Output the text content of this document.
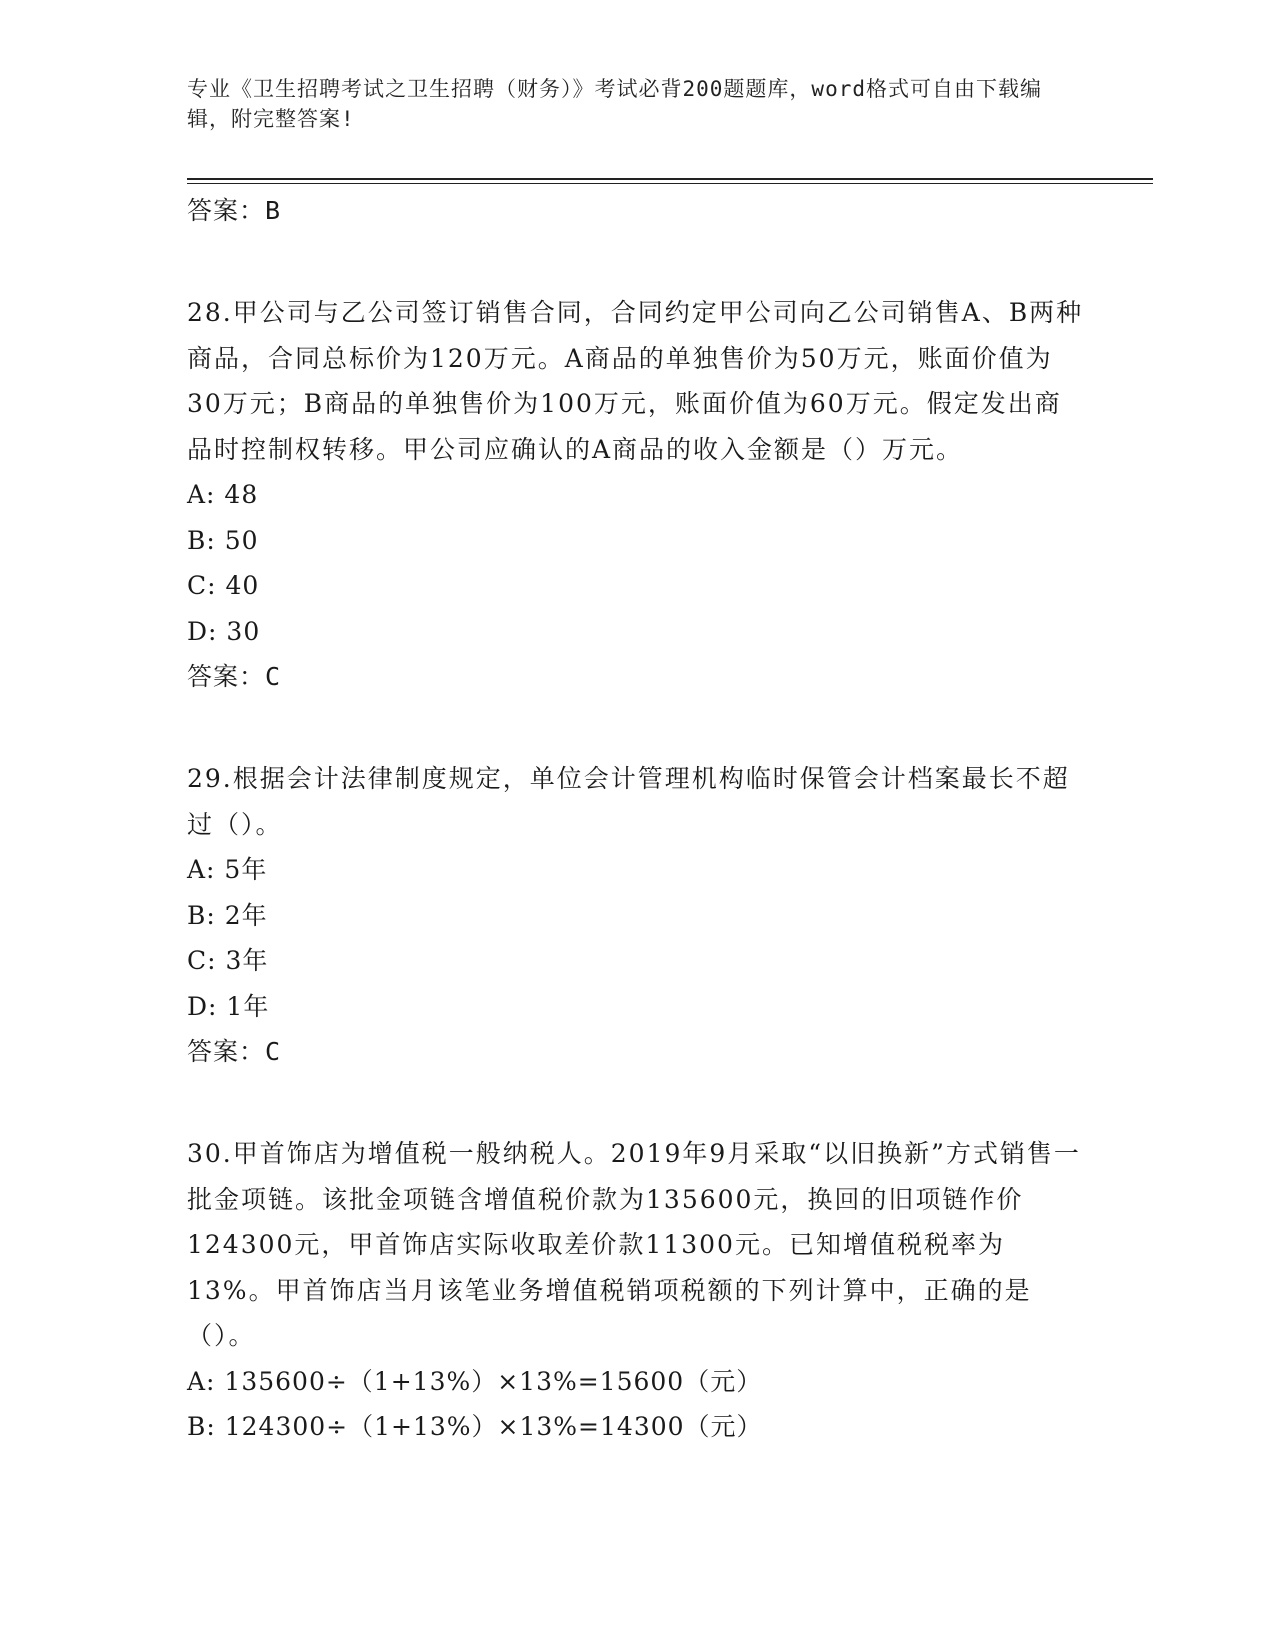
专业《卫生招聘考试之卫生招聘（财务）》考试必背200题题库，word格式可自由下载编辑，附完整答案!
答案：B

28.甲公司与乙公司签订销售合同，合同约定甲公司向乙公司销售A、B两种商品，合同总标价为120万元。A商品的单独售价为50万元，账面价值为30万元；B商品的单独售价为100万元，账面价值为60万元。假定发出商品时控制权转移。甲公司应确认的A商品的收入金额是（）万元。

A: 48
B: 50
C: 40
D: 30
答案：C

29.根据会计法律制度规定，单位会计管理机构临时保管会计档案最长不超过（）。

A: 5年
B: 2年
C: 3年
D: 1年
答案：C

30.甲首饰店为增值税一般纳税人。2019年9月采取“以旧换新”方式销售一批金项链。该批金项链含增值税价款为135600元，换回的旧项链作价124300元，甲首饰店实际收取差价款11300元。已知增值税税率为13%。甲首饰店当月该笔业务增值税销项税额的下列计算中，正确的是（）。

A: 135600÷（1+13%）×13%=15600（元）
B: 124300÷（1+13%）×13%=14300（元）
